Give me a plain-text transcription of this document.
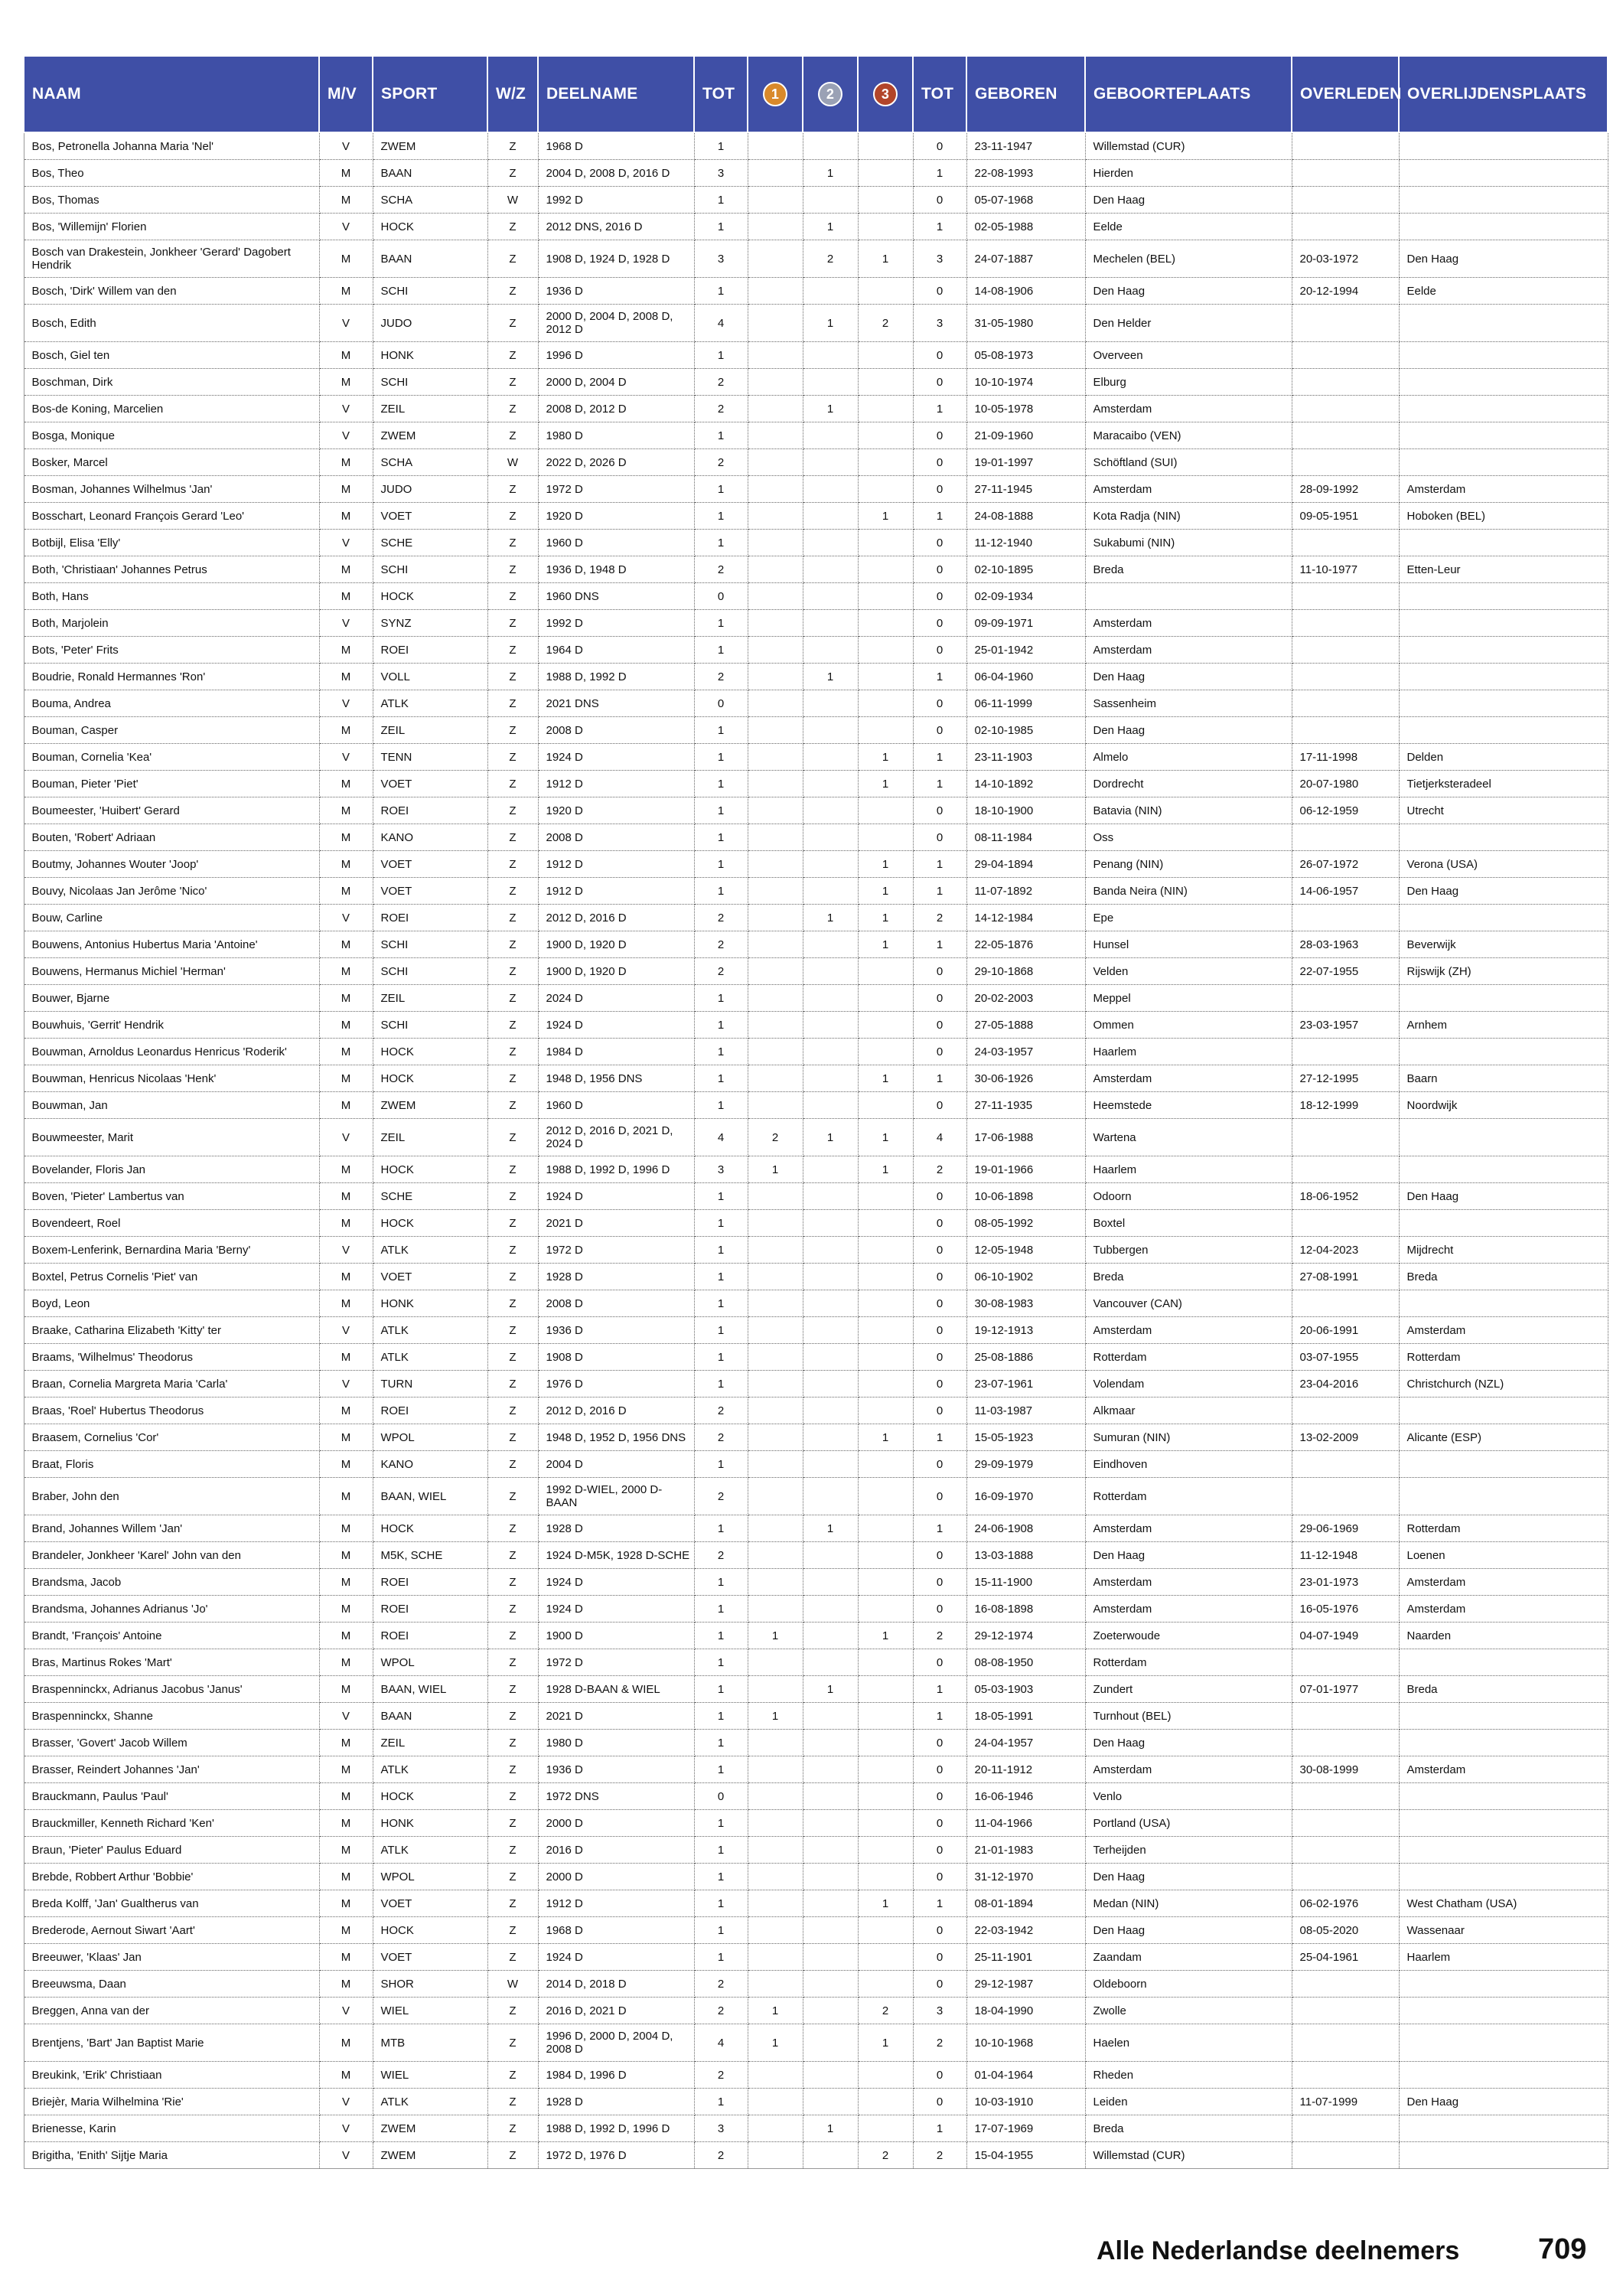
NAAM	M/V	SPORT	W/Z	DEELNAME	TOT	1	2	3	TOT	GEBOREN	GEBOORTEPLAATS	OVERLEDEN	OVERLIJDENSPLAATS
Bos, Petronella Johanna Maria 'Nel'	V	ZWEM	Z	1968 D	1				0	23-11-1947	Willemstad (CUR)		
Bos, Theo	M	BAAN	Z	2004 D, 2008 D, 2016 D	3		1		1	22-08-1993	Hierden		
Bos, Thomas	M	SCHA	W	1992 D	1				0	05-07-1968	Den Haag		
Bos, 'Willemijn' Florien	V	HOCK	Z	2012 DNS, 2016 D	1		1		1	02-05-1988	Eelde		
Bosch van Drakestein, Jonkheer 'Gerard' Dagobert Hendrik	M	BAAN	Z	1908 D, 1924 D, 1928 D	3		2	1	3	24-07-1887	Mechelen (BEL)	20-03-1972	Den Haag
Bosch, 'Dirk' Willem van den	M	SCHI	Z	1936 D	1				0	14-08-1906	Den Haag	20-12-1994	Eelde
Bosch, Edith	V	JUDO	Z	2000 D, 2004 D, 2008 D, 2012 D	4		1	2	3	31-05-1980	Den Helder		
Bosch, Giel ten	M	HONK	Z	1996 D	1				0	05-08-1973	Overveen		
Boschman, Dirk	M	SCHI	Z	2000 D, 2004 D	2				0	10-10-1974	Elburg		
Bos-de Koning, Marcelien	V	ZEIL	Z	2008 D, 2012 D	2		1		1	10-05-1978	Amsterdam		
Bosga, Monique	V	ZWEM	Z	1980 D	1				0	21-09-1960	Maracaibo (VEN)		
Bosker, Marcel	M	SCHA	W	2022 D, 2026 D	2				0	19-01-1997	Schöftland (SUI)		
Bosman, Johannes Wilhelmus 'Jan'	M	JUDO	Z	1972 D	1				0	27-11-1945	Amsterdam	28-09-1992	Amsterdam
Bosschart, Leonard François Gerard 'Leo'	M	VOET	Z	1920 D	1			1	1	24-08-1888	Kota Radja (NIN)	09-05-1951	Hoboken (BEL)
Botbijl, Elisa 'Elly'	V	SCHE	Z	1960 D	1				0	11-12-1940	Sukabumi (NIN)		
Both, 'Christiaan' Johannes Petrus	M	SCHI	Z	1936 D, 1948 D	2				0	02-10-1895	Breda	11-10-1977	Etten-Leur
Both, Hans	M	HOCK	Z	1960 DNS	0				0	02-09-1934			
Both, Marjolein	V	SYNZ	Z	1992 D	1				0	09-09-1971	Amsterdam		
Bots, 'Peter' Frits	M	ROEI	Z	1964 D	1				0	25-01-1942	Amsterdam		
Boudrie, Ronald Hermannes 'Ron'	M	VOLL	Z	1988 D, 1992 D	2		1		1	06-04-1960	Den Haag		
Bouma, Andrea	V	ATLK	Z	2021 DNS	0				0	06-11-1999	Sassenheim		
Bouman, Casper	M	ZEIL	Z	2008 D	1				0	02-10-1985	Den Haag		
Bouman, Cornelia 'Kea'	V	TENN	Z	1924 D	1			1	1	23-11-1903	Almelo	17-11-1998	Delden
Bouman, Pieter 'Piet'	M	VOET	Z	1912 D	1			1	1	14-10-1892	Dordrecht	20-07-1980	Tietjerksteradeel
Boumeester, 'Huibert' Gerard	M	ROEI	Z	1920 D	1				0	18-10-1900	Batavia (NIN)	06-12-1959	Utrecht
Bouten, 'Robert' Adriaan	M	KANO	Z	2008 D	1				0	08-11-1984	Oss		
Boutmy, Johannes Wouter 'Joop'	M	VOET	Z	1912 D	1			1	1	29-04-1894	Penang (NIN)	26-07-1972	Verona (USA)
Bouvy, Nicolaas Jan Jerôme 'Nico'	M	VOET	Z	1912 D	1			1	1	11-07-1892	Banda Neira (NIN)	14-06-1957	Den Haag
Bouw, Carline	V	ROEI	Z	2012 D, 2016 D	2		1	1	2	14-12-1984	Epe		
Bouwens, Antonius Hubertus Maria 'Antoine'	M	SCHI	Z	1900 D, 1920 D	2			1	1	22-05-1876	Hunsel	28-03-1963	Beverwijk
Bouwens, Hermanus Michiel 'Herman'	M	SCHI	Z	1900 D, 1920 D	2				0	29-10-1868	Velden	22-07-1955	Rijswijk (ZH)
Bouwer, Bjarne	M	ZEIL	Z	2024 D	1				0	20-02-2003	Meppel		
Bouwhuis, 'Gerrit' Hendrik	M	SCHI	Z	1924 D	1				0	27-05-1888	Ommen	23-03-1957	Arnhem
Bouwman, Arnoldus Leonardus Henricus 'Roderik'	M	HOCK	Z	1984 D	1				0	24-03-1957	Haarlem		
Bouwman, Henricus Nicolaas 'Henk'	M	HOCK	Z	1948 D, 1956 DNS	1			1	1	30-06-1926	Amsterdam	27-12-1995	Baarn
Bouwman, Jan	M	ZWEM	Z	1960 D	1				0	27-11-1935	Heemstede	18-12-1999	Noordwijk
Bouwmeester, Marit	V	ZEIL	Z	2012 D, 2016 D, 2021 D, 2024 D	4	2	1	1	4	17-06-1988	Wartena		
Bovelander, Floris Jan	M	HOCK	Z	1988 D, 1992 D, 1996 D	3	1		1	2	19-01-1966	Haarlem		
Boven, 'Pieter' Lambertus van	M	SCHE	Z	1924 D	1				0	10-06-1898	Odoorn	18-06-1952	Den Haag
Bovendeert, Roel	M	HOCK	Z	2021 D	1				0	08-05-1992	Boxtel		
Boxem-Lenferink, Bernardina Maria 'Berny'	V	ATLK	Z	1972 D	1				0	12-05-1948	Tubbergen	12-04-2023	Mijdrecht
Boxtel, Petrus Cornelis 'Piet' van	M	VOET	Z	1928 D	1				0	06-10-1902	Breda	27-08-1991	Breda
Boyd, Leon	M	HONK	Z	2008 D	1				0	30-08-1983	Vancouver (CAN)		
Braake, Catharina Elizabeth 'Kitty' ter	V	ATLK	Z	1936 D	1				0	19-12-1913	Amsterdam	20-06-1991	Amsterdam
Braams, 'Wilhelmus' Theodorus	M	ATLK	Z	1908 D	1				0	25-08-1886	Rotterdam	03-07-1955	Rotterdam
Braan, Cornelia Margreta Maria 'Carla'	V	TURN	Z	1976 D	1				0	23-07-1961	Volendam	23-04-2016	Christchurch (NZL)
Braas, 'Roel' Hubertus Theodorus	M	ROEI	Z	2012 D, 2016 D	2				0	11-03-1987	Alkmaar		
Braasem, Cornelius 'Cor'	M	WPOL	Z	1948 D, 1952 D, 1956 DNS	2			1	1	15-05-1923	Sumuran (NIN)	13-02-2009	Alicante (ESP)
Braat, Floris	M	KANO	Z	2004 D	1				0	29-09-1979	Eindhoven		
Braber, John den	M	BAAN, WIEL	Z	1992 D-WIEL, 2000 D-BAAN	2				0	16-09-1970	Rotterdam		
Brand, Johannes Willem 'Jan'	M	HOCK	Z	1928 D	1		1		1	24-06-1908	Amsterdam	29-06-1969	Rotterdam
Brandeler, Jonkheer 'Karel' John van den	M	M5K, SCHE	Z	1924 D-M5K, 1928 D-SCHE	2				0	13-03-1888	Den Haag	11-12-1948	Loenen
Brandsma, Jacob	M	ROEI	Z	1924 D	1				0	15-11-1900	Amsterdam	23-01-1973	Amsterdam
Brandsma, Johannes Adrianus 'Jo'	M	ROEI	Z	1924 D	1				0	16-08-1898	Amsterdam	16-05-1976	Amsterdam
Brandt, 'François' Antoine	M	ROEI	Z	1900 D	1	1		1	2	29-12-1974	Zoeterwoude	04-07-1949	Naarden
Bras, Martinus Rokes 'Mart'	M	WPOL	Z	1972 D	1				0	08-08-1950	Rotterdam		
Braspenninckx, Adrianus Jacobus 'Janus'	M	BAAN, WIEL	Z	1928 D-BAAN & WIEL	1		1		1	05-03-1903	Zundert	07-01-1977	Breda
Braspenninckx, Shanne	V	BAAN	Z	2021 D	1	1			1	18-05-1991	Turnhout (BEL)		
Brasser, 'Govert' Jacob Willem	M	ZEIL	Z	1980 D	1				0	24-04-1957	Den Haag		
Brasser, Reindert Johannes 'Jan'	M	ATLK	Z	1936 D	1				0	20-11-1912	Amsterdam	30-08-1999	Amsterdam
Brauckmann, Paulus 'Paul'	M	HOCK	Z	1972 DNS	0				0	16-06-1946	Venlo		
Brauckmiller, Kenneth Richard 'Ken'	M	HONK	Z	2000 D	1				0	11-04-1966	Portland (USA)		
Braun, 'Pieter' Paulus Eduard	M	ATLK	Z	2016 D	1				0	21-01-1983	Terheijden		
Brebde, Robbert Arthur 'Bobbie'	M	WPOL	Z	2000 D	1				0	31-12-1970	Den Haag		
Breda Kolff, 'Jan' Gualtherus van	M	VOET	Z	1912 D	1			1	1	08-01-1894	Medan (NIN)	06-02-1976	West Chatham (USA)
Brederode, Aernout Siwart 'Aart'	M	HOCK	Z	1968 D	1				0	22-03-1942	Den Haag	08-05-2020	Wassenaar
Breeuwer, 'Klaas' Jan	M	VOET	Z	1924 D	1				0	25-11-1901	Zaandam	25-04-1961	Haarlem
Breeuwsma, Daan	M	SHOR	W	2014 D, 2018 D	2				0	29-12-1987	Oldeboorn		
Breggen, Anna van der	V	WIEL	Z	2016 D, 2021 D	2	1		2	3	18-04-1990	Zwolle		
Brentjens, 'Bart' Jan Baptist Marie	M	MTB	Z	1996 D, 2000 D, 2004 D, 2008 D	4	1		1	2	10-10-1968	Haelen		
Breukink, 'Erik' Christiaan	M	WIEL	Z	1984 D, 1996 D	2				0	01-04-1964	Rheden		
Briejèr, Maria Wilhelmina 'Rie'	V	ATLK	Z	1928 D	1				0	10-03-1910	Leiden	11-07-1999	Den Haag
Brienesse, Karin	V	ZWEM	Z	1988 D, 1992 D, 1996 D	3		1		1	17-07-1969	Breda		
Brigitha, 'Enith' Sijtje Maria	V	ZWEM	Z	1972 D, 1976 D	2			2	2	15-04-1955	Willemstad (CUR)		
Alle Nederlandse deelnemers	709
